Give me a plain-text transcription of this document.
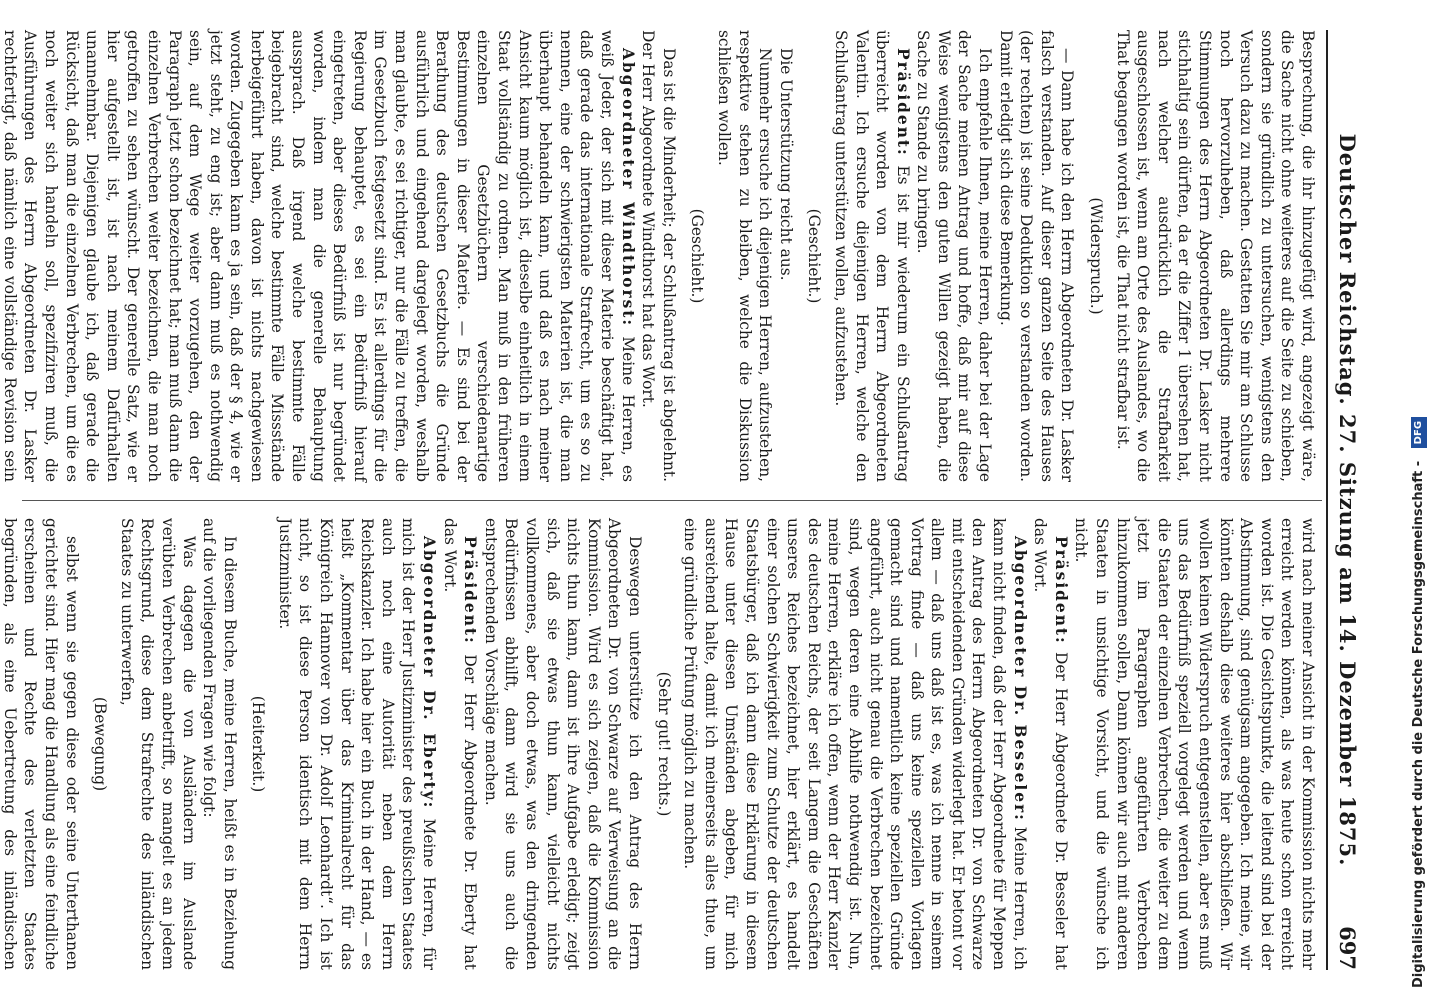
Deutscher Reichstag. 27. Sitzung am 14. Dezember 1875.
697

Besprechung, die ihr hinzugefügt wird, angezeigt wäre, die Sache nicht ohne weiteres auf die Seite zu schieben, sondern sie gründlich zu untersuchen, wenigstens den Versuch dazu zu machen. Gestatten Sie mir am Schlusse noch hervorzuheben, daß allerdings mehrere Stimmungen des Herrn Abgeordneten Dr. Lasker nicht stichhaltig sein dürften, da er die Ziffer 1 übersehen hat, nach welcher ausdrücklich die Strafbarkeit ausgeschlossen ist, wenn am Orte des Auslandes, wo die That begangen worden ist, die That nicht strafbar ist.

(Widerspruch.)

— Dann habe ich den Herrn Abgeordneten Dr. Lasker falsch verstanden. Auf dieser ganzen Seite des Hauses (der rechten) ist seine Deduktion so verstanden worden. Damit erledigt sich diese Bemerkung.

Ich empfehle Ihnen, meine Herren, daher bei der Lage der Sache meinen Antrag und hoffe, daß mir auf diese Weise wenigstens den guten Willen gezeigt haben, die Sache zu Stande zu bringen.

Präsident: Es ist mir wiederum ein Schlußantrag überreicht worden von dem Herrn Abgeordneten Valentin. Ich ersuche diejenigen Herren, welche den Schlußantrag unterstützen wollen, aufzustehen.

(Geschieht.)

Die Unterstützung reicht aus.

Nunmehr ersuche ich diejenigen Herren, aufzustehen, respektive stehen zu bleiben, welche die Diskussion schließen wollen.

(Geschieht.)

Das ist die Minderheit; der Schlußantrag ist abgelehnt. Der Herr Abgeordnete Windthorst hat das Wort.

Abgeordneter Windthorst: Meine Herren, es weiß Jeder, der sich mit dieser Materie beschäftigt hat, daß gerade das internationale Strafrecht, um es so zu nennen, eine der schwierigsten Materien ist, die man überhaupt behandeln kann, und daß es nach meiner Ansicht kaum möglich ist, dieselbe einheitlich in einem Staat vollständig zu ordnen. Man muß in den früheren einzelnen Gesetzbüchern verschiedenartige Bestimmungen in dieser Materie. — Es sind bei der Berathung des deutschen Gesetzbuchs die Gründe ausführlich und eingehend dargelegt worden, weshalb man glaubte, es sei richtiger, nur die Fälle zu treffen, die im Gesetzbuch festgesetzt sind. Es ist allerdings für die Regierung behauptet, es sei ein Bedürfniß hierauf eingetreten, aber dieses Bedürfniß ist nur begründet worden, indem man die generelle Behauptung aussprach. Daß irgend welche bestimmte Fälle beigebracht sind, welche bestimmte Fälle Missstände herbeigeführt haben, davon ist nichts nachgewiesen worden. Zugegeben kann es ja sein, daß der § 4, wie er jetzt steht, zu eng ist; aber dann muß es nothwendig sein, auf dem Wege weiter vorzugehen, den der Paragraph jetzt schon bezeichnet hat; man muß dann die einzelnen Verbrechen weiter bezeichnen, die man noch getroffen zu sehen wünscht. Der generelle Satz, wie er hier aufgestellt ist, ist nach meinem Dafürhalten unannehmbar. Diejenigen glaube ich, daß gerade die Rücksicht, daß man die einzelnen Verbrechen, um die es noch weiter sich handeln soll, spezifiziren muß, die Ausführungen des Herrn Abgeordneten Dr. Lasker rechtfertigt, daß nämlich eine vollständige Revision sein

wird nach meiner Ansicht in der Kommission nichts mehr erreicht werden können, als was heute schon erreicht worden ist. Die Gesichtspunkte, die leitend sind bei der Abstimmung, sind genügsam angegeben. Ich meine, wir könnten deshalb diese weiteres hier abschließen. Wir wollen keinen Widerspruch entgegenstellen, aber es muß uns das Bedürfniß speziell vorgelegt werden und wenn die Staaten der einzelnen Verbrechen, die weiter zu dem jetzt im Paragraphen angeführten Verbrechen hinzukommen sollen, Dann können wir auch mit anderen Staaten in unsichtige Vorsicht, und die wünsche ich nicht.

Präsident: Der Herr Abgeordnete Dr. Besseler hat das Wort.

Abgeordneter Dr. Besseler: Meine Herren, ich kann nicht finden, daß der Herr Abgeordnete für Meppen den Antrag des Herrn Abgeordneten Dr. von Schwarze mit entscheidenden Gründen widerlegt hat. Er betont vor allem — daß uns daß ist es, was ich nenne in seinem Vortrag finde — daß uns keine speziellen Vorlagen gemacht sind und namentlich keine speziellen Gründe angeführt, auch nicht genau die Verbrechen bezeichnet sind, wegen deren eine Abhilfe nothwendig ist. Nun, meine Herren, erkläre ich offen, wenn der Herr Kanzler des deutschen Reichs, der seit Langem die Geschäften unseres Reiches bezeichnet, hier erklärt, es handelt einer solchen Schwierigkeit zum Schutze der deutschen Staatsbürger, daß ich dann diese Erklärung in diesem Hause unter diesen Umständen abgeben, für mich ausreichend halte, damit ich meinerseits alles thue, um eine gründliche Prüfung möglich zu machen.

(Sehr gut! rechts.)

Deswegen unterstütze ich den Antrag des Herrn Abgeordneten Dr. von Schwarze auf Verweisung an die Kommission. Wird es sich zeigen, daß die Kommission nichts thun kann, dann ist ihre Aufgabe erledigt; zeigt sich, daß sie etwas thun kann, vielleicht nichts vollkommenes, aber doch etwas, was den dringenden Bedürfnissen abhilft, dann wird sie uns auch die entsprechenden Vorschläge machen.

Präsident: Der Herr Abgeordnete Dr. Eberty hat das Wort.

Abgeordneter Dr. Eberty: Meine Herren, für mich ist der Herr Justizminister des preußischen Staates auch noch eine Autorität neben dem Herrn Reichskanzler. Ich habe hier ein Buch in der Hand, — es heißt „Kommentar über das Kriminalrecht für das Königreich Hannover von Dr. Adolf Leonhardt“. Ich ist nicht, so ist diese Person identisch mit dem Herrn Justizminister.

(Heiterkeit.)

In diesem Buche, meine Herren, heißt es in Beziehung auf die vorliegenden Fragen wie folgt:

Was dagegen die von Ausländern im Auslande verübten Verbrechen anbetrifft, so mangelt es an jedem Rechtsgrund, diese dem Strafrechte des inländischen Staates zu unterwerfen,

(Bewegung)

selbst wenn sie gegen diese oder seine Unterthanen gerichtet sind. Hier mag die Handlung als eine feindliche erscheinen und Rechte des verletzten Staates begründen, als eine Uebertretung des inländischen	Digitalisierung gefördert durch die Deutsche Forschungsgemeinschaft - DFG
